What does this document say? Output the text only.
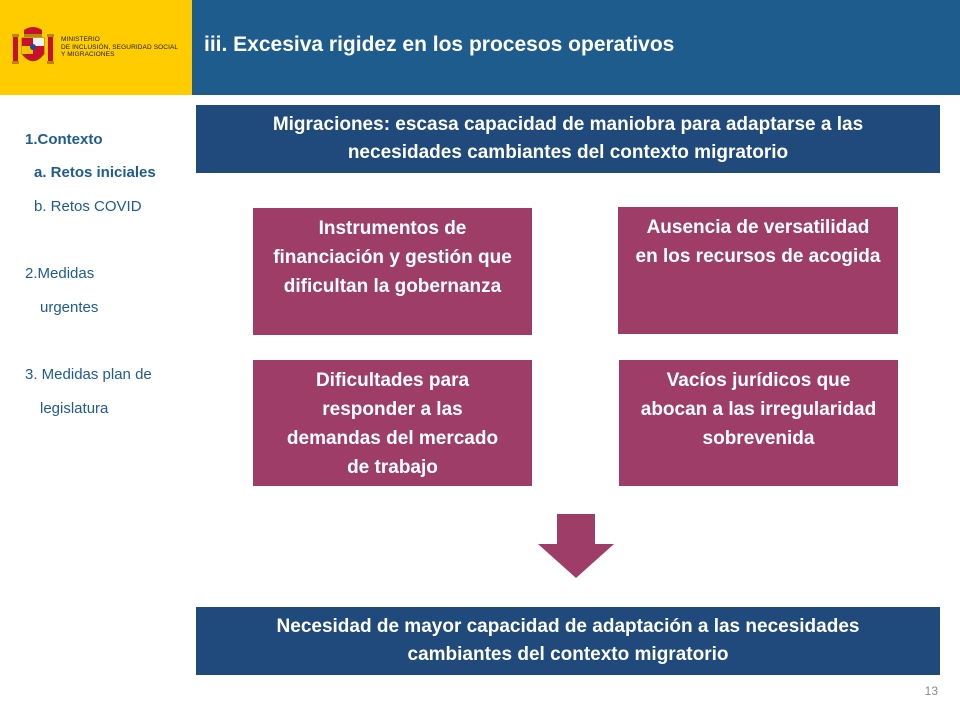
MINISTERIO
DE INCLUSIÓN, SEGURIDAD SOCIAL
Y MIGRACIONES	iii. Excesiva rigidez en los procesos operativos
1.Contexto
a. Retos iniciales
b. Retos COVID
2.Medidas
urgentes
3. Medidas plan de
legislatura
Migraciones: escasa capacidad de maniobra para adaptarse a las
necesidades cambiantes del contexto migratorio
Instrumentos de
financiación y gestión que
dificultan la gobernanza
Ausencia de versatilidad
en los recursos de acogida
Dificultades para
responder a las
demandas del mercado
de trabajo
Vacíos jurídicos que
abocan a las irregularidad
sobrevenida
Necesidad de mayor capacidad de adaptación a las necesidades
cambiantes del contexto migratorio
13
